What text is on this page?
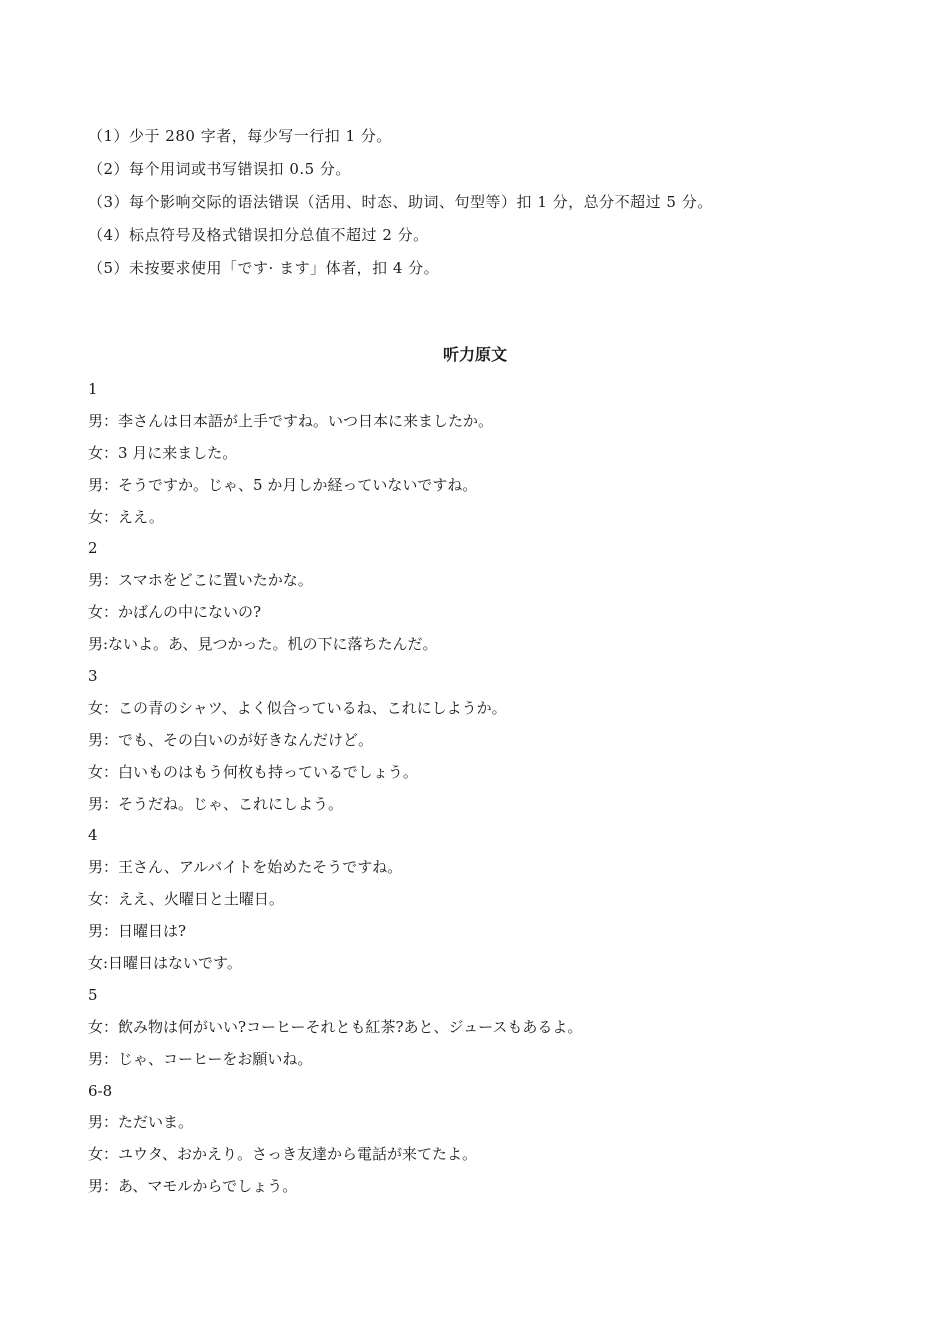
（1）少于 280 字者，每少写一行扣 1 分。
（2）每个用词或书写错误扣 0.5 分。
（3）每个影响交际的语法错误（活用、时态、助词、句型等）扣 1 分，总分不超过 5 分。
（4）标点符号及格式错误扣分总值不超过 2 分。
（5）未按要求使用「です· ます」体者，扣 4 分。
听力原文
1
男：李さんは日本語が上手ですね。いつ日本に来ましたか。
女：3 月に来ました。
男：そうですか。じゃ、5 か月しか経っていないですね。
女：ええ。
2
男：スマホをどこに置いたかな。
女：かばんの中にないの?
男:ないよ。あ、見つかった。机の下に落ちたんだ。
3
女：この青のシャツ、よく似合っているね、これにしようか。
男：でも、その白いのが好きなんだけど。
女：白いものはもう何枚も持っているでしょう。
男：そうだね。じゃ、これにしよう。
4
男：王さん、アルバイトを始めたそうですね。
女：ええ、火曜日と土曜日。
男：日曜日は?
女:日曜日はないです。
5
女：飲み物は何がいい?コーヒーそれとも紅茶?あと、ジュースもあるよ。
男：じゃ、コーヒーをお願いね。
6-8
男：ただいま。
女：ユウタ、おかえり。さっき友達から電話が来てたよ。
男：あ、マモルからでしょう。
